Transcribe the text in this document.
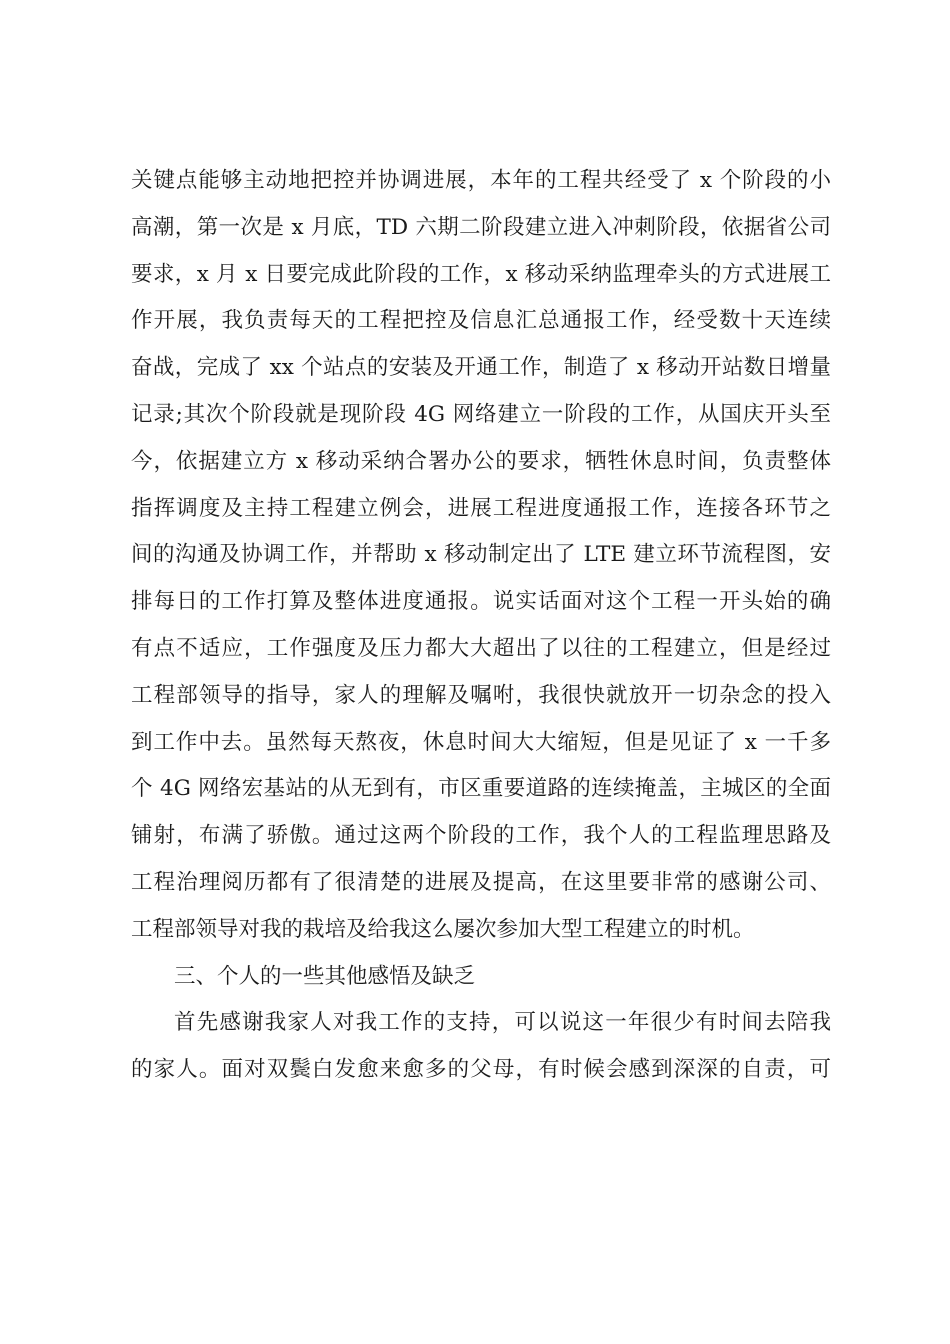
关键点能够主动地把控并协调进展，本年的工程共经受了 x 个阶段的小
高潮，第一次是 x 月底，TD 六期二阶段建立进入冲刺阶段，依据省公司
要求，x 月 x 日要完成此阶段的工作，x 移动采纳监理牵头的方式进展工
作开展，我负责每天的工程把控及信息汇总通报工作，经受数十天连续
奋战，完成了 xx 个站点的安装及开通工作，制造了 x 移动开站数日增量
记录;其次个阶段就是现阶段 4G 网络建立一阶段的工作，从国庆开头至
今，依据建立方 x 移动采纳合署办公的要求，牺牲休息时间，负责整体
指挥调度及主持工程建立例会，进展工程进度通报工作，连接各环节之
间的沟通及协调工作，并帮助 x 移动制定出了 LTE 建立环节流程图，安
排每日的工作打算及整体进度通报。说实话面对这个工程一开头始的确
有点不适应，工作强度及压力都大大超出了以往的工程建立，但是经过
工程部领导的指导，家人的理解及嘱咐，我很快就放开一切杂念的投入
到工作中去。虽然每天熬夜，休息时间大大缩短，但是见证了 x 一千多
个 4G 网络宏基站的从无到有，市区重要道路的连续掩盖，主城区的全面
铺射，布满了骄傲。通过这两个阶段的工作，我个人的工程监理思路及
工程治理阅历都有了很清楚的进展及提高，在这里要非常的感谢公司、
工程部领导对我的栽培及给我这么屡次参加大型工程建立的时机。
三、个人的一些其他感悟及缺乏
首先感谢我家人对我工作的支持，可以说这一年很少有时间去陪我
的家人。面对双鬓白发愈来愈多的父母，有时候会感到深深的自责，可
